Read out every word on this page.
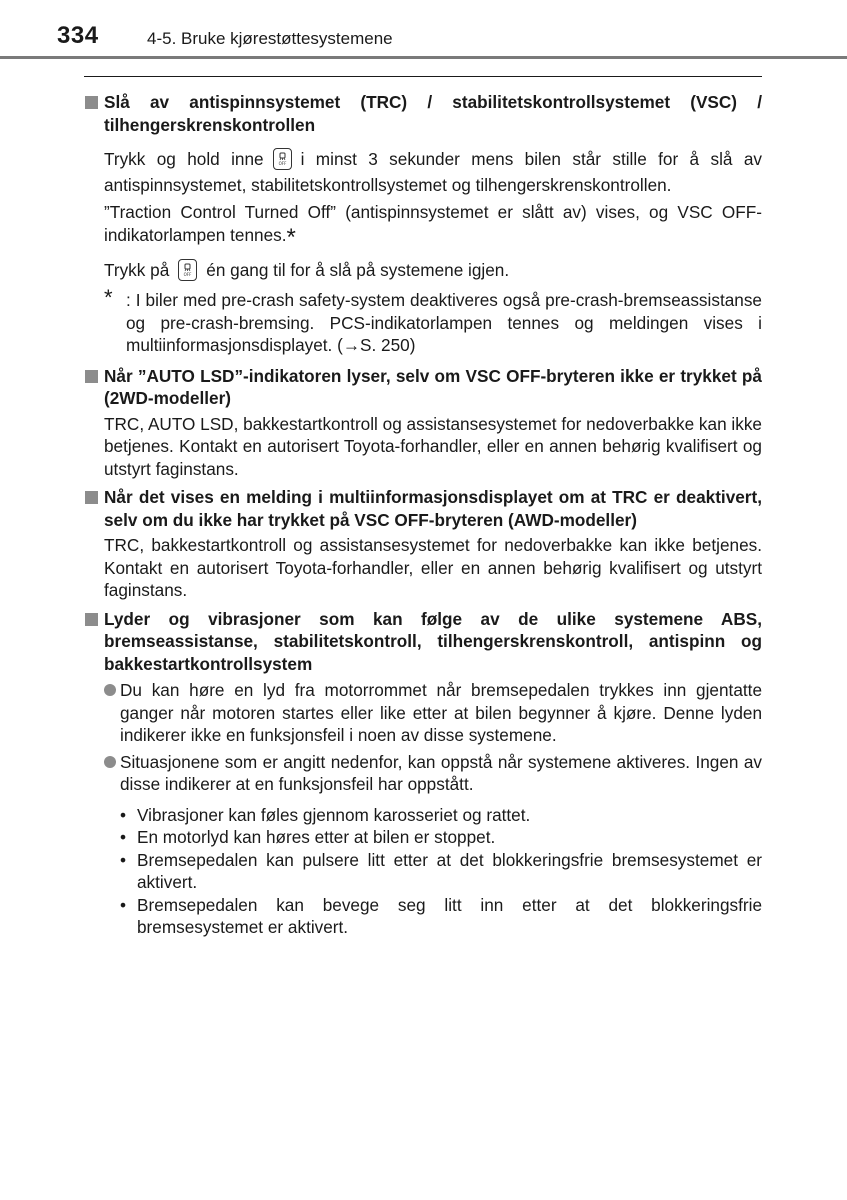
334	4-5. Bruke kjørestøttesystemene
Slå av antispinnsystemet (TRC) / stabilitetskontrollsystemet (VSC) / tilhengerskrenskontrollen
Trykk og hold inne	OFF i minst 3 sekunder mens bilen står stille for å slå av antispinnsystemet, stabilitetskontrollsystemet og tilhengerskrenskontrollen.
”Traction Control Turned Off” (antispinnsystemet er slått av) vises, og VSC OFF-indikatorlampen tennes.*
Trykk på	OFF én gang til for å slå på systemene igjen.
* : I biler med pre-crash safety-system deaktiveres også pre-crash-bremseassistanse og pre-crash-bremsing. PCS-indikatorlampen tennes og meldingen vises i multiinformasjonsdisplayet. (→S. 250)
Når ”AUTO LSD”-indikatoren lyser, selv om VSC OFF-bryteren ikke er trykket på (2WD-modeller)
TRC, AUTO LSD, bakkestartkontroll og assistansesystemet for nedoverbakke kan ikke betjenes. Kontakt en autorisert Toyota-forhandler, eller en annen behørig kvalifisert og utstyrt faginstans.
Når det vises en melding i multiinformasjonsdisplayet om at TRC er deaktivert, selv om du ikke har trykket på VSC OFF-bryteren (AWD-modeller)
TRC, bakkestartkontroll og assistansesystemet for nedoverbakke kan ikke betjenes. Kontakt en autorisert Toyota-forhandler, eller en annen behørig kvalifisert og utstyrt faginstans.
Lyder og vibrasjoner som kan følge av de ulike systemene ABS, bremseassistanse, stabilitetskontroll, tilhengerskrenskontroll, antispinn og bakkestartkontrollsystem
Du kan høre en lyd fra motorrommet når bremsepedalen trykkes inn gjentatte ganger når motoren startes eller like etter at bilen begynner å kjøre. Denne lyden indikerer ikke en funksjonsfeil i noen av disse systemene.
Situasjonene som er angitt nedenfor, kan oppstå når systemene aktiveres. Ingen av disse indikerer at en funksjonsfeil har oppstått.
• Vibrasjoner kan føles gjennom karosseriet og rattet.
• En motorlyd kan høres etter at bilen er stoppet.
• Bremsepedalen kan pulsere litt etter at det blokkeringsfrie bremsesystemet er aktivert.
• Bremsepedalen kan bevege seg litt inn etter at det blokkeringsfrie bremsesystemet er aktivert.
